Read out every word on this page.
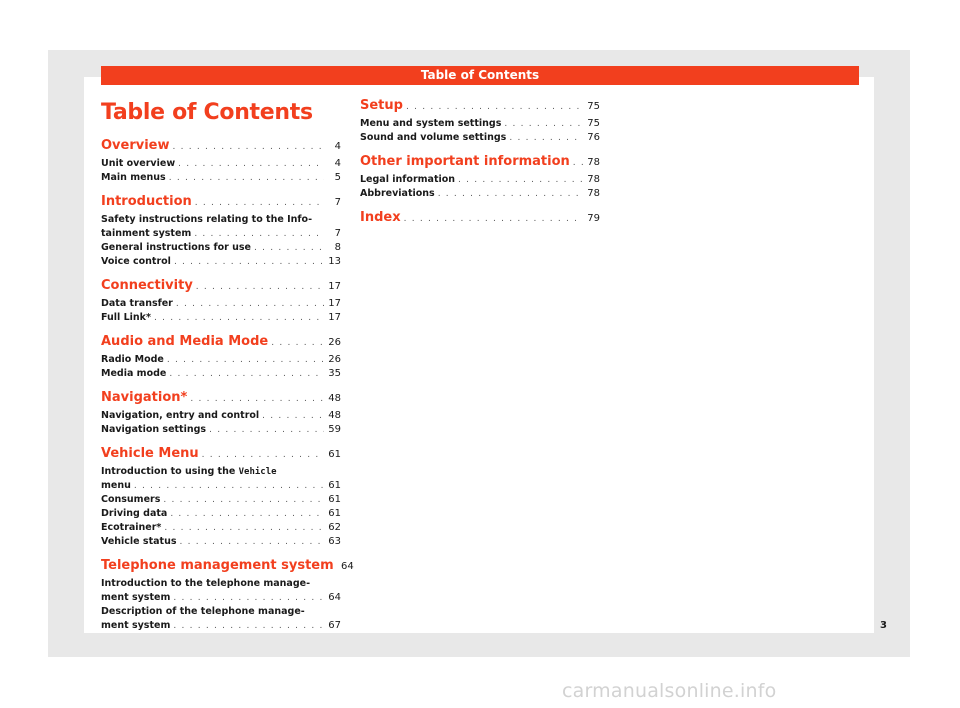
Table of Contents
Table of Contents
Overview . . .	4
Unit overview . . .	4
Main menus . . .	5
Introduction . . .	7
Safety instructions relating to the Info-
tainment system . . .	7
General instructions for use . . .	8
Voice control . . .	13
Connectivity . . .	17
Data transfer . . .	17
Full Link* . . .	17
Audio and Media Mode . . .	26
Radio Mode . . .	26
Media mode . . .	35
Navigation* . . .	48
Navigation, entry and control . . .	48
Navigation settings . . .	59
Vehicle Menu . . .	61
Introduction to using the Vehicle
menu . . .	61
Consumers . . .	61
Driving data . . .	61
Ecotrainer* . . .	62
Vehicle status . . .	63
Telephone management system 64
Introduction to the telephone manage-
ment system . . .	64
Description of the telephone manage-
ment system . . .	67
Setup . . .	75
Menu and system settings . . .	75
Sound and volume settings . . .	76
Other important information . . . 78
Legal information . . .	78
Abbreviations . . .	78
Index . . .	79
3
carmanualsonline.info
